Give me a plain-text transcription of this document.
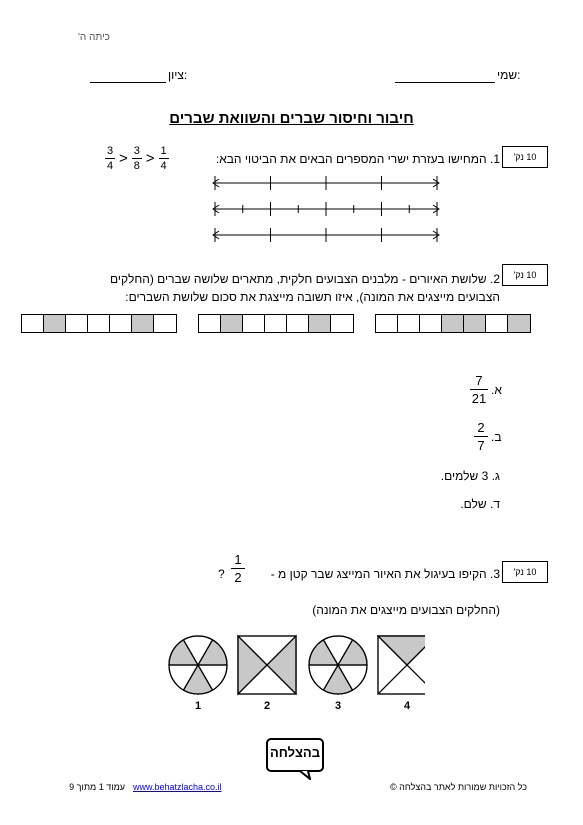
כיתה ה'
שמי:
ציון:
חיבור וחיסור שברים והשוואת שברים
10 נק'
1. המחישו בעזרת ישרי המספרים הבאים את הביטוי הבא:
$\frac{3}{4} > \frac{3}{8} > \frac{1}{4}$
10 נק'
2. שלושת האיורים - מלבנים הצבועים חלקית, מתארים שלושה שברים (החלקים
הצבועים מייצגים את המונה), איזו תשובה מייצגת את סכום שלושת השברים:
7
21
א.
2
7
ב.
ג. 3 שלמים.
ד. שלם.
10 נק'
3. הקיפו בעיגול את האיור המייצג שבר קטן מ -
1
2
?
(החלקים הצבועים מייצגים את המונה)
1	2	3	4
בהצלחה
כל הזכויות שמורות לאתר בהצלחה ©
www.behatzlacha.co.il
עמוד 1 מתוך 9
